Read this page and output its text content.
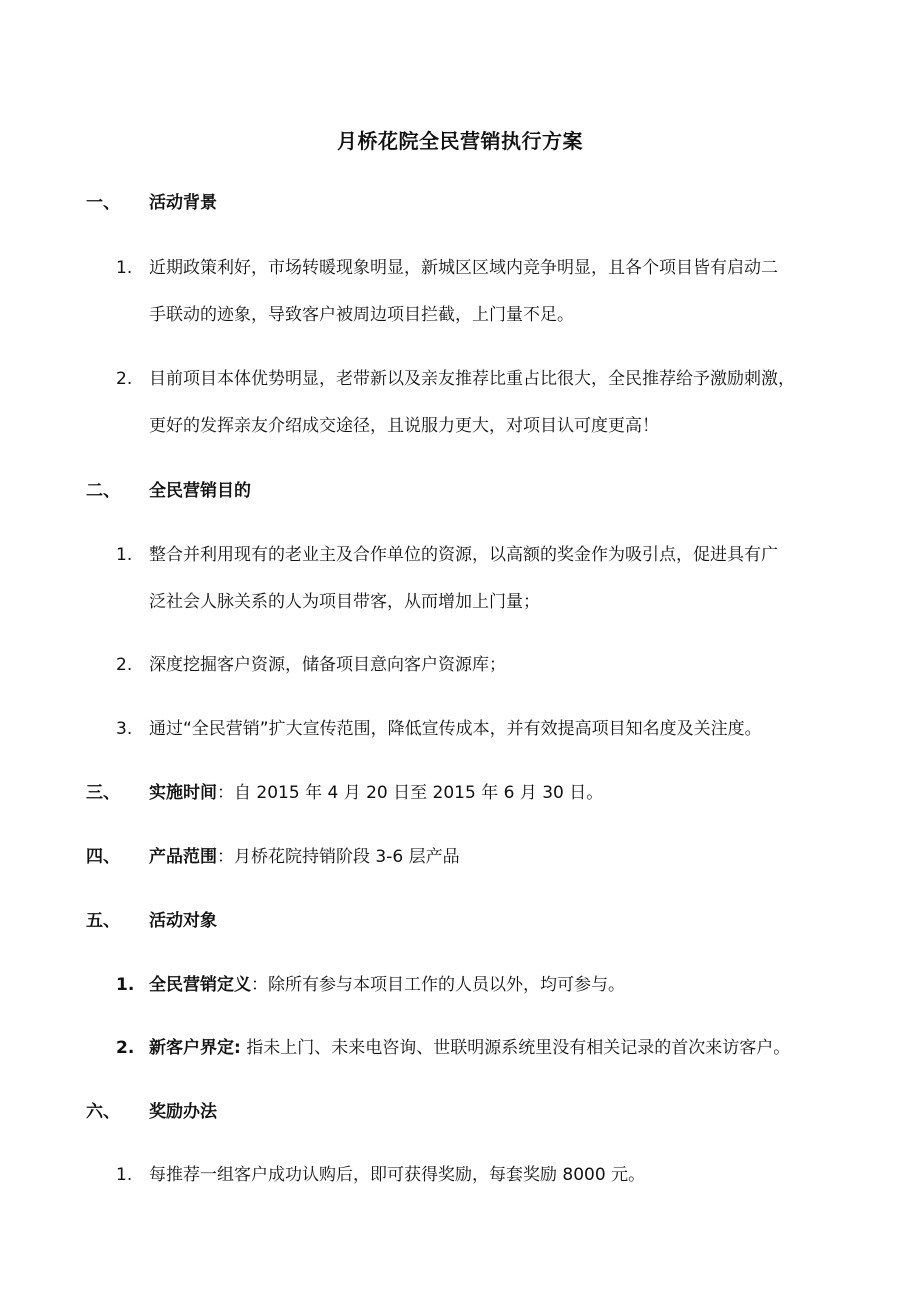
月桥花院全民营销执行方案
一、 活动背景
1. 近期政策利好，市场转暖现象明显，新城区区域内竞争明显，且各个项目皆有启动二
手联动的迹象，导致客户被周边项目拦截，上门量不足。
2. 目前项目本体优势明显，老带新以及亲友推荐比重占比很大，全民推荐给予激励刺激，
更好的发挥亲友介绍成交途径，且说服力更大，对项目认可度更高！
二、 全民营销目的
1. 整合并利用现有的老业主及合作单位的资源，以高额的奖金作为吸引点，促进具有广
泛社会人脉关系的人为项目带客，从而增加上门量；
2. 深度挖掘客户资源，储备项目意向客户资源库；
3. 通过“全民营销”扩大宣传范围，降低宣传成本，并有效提高项目知名度及关注度。
三、 实施时间：自 2015 年 4 月 20 日至 2015 年 6 月 30 日。
四、 产品范围：月桥花院持销阶段 3-6 层产品
五、 活动对象
1. 全民营销定义：除所有参与本项目工作的人员以外，均可参与。
2. 新客户界定: 指未上门、未来电咨询、世联明源系统里没有相关记录的首次来访客户。
六、 奖励办法
1. 每推荐一组客户成功认购后，即可获得奖励，每套奖励 8000 元。
